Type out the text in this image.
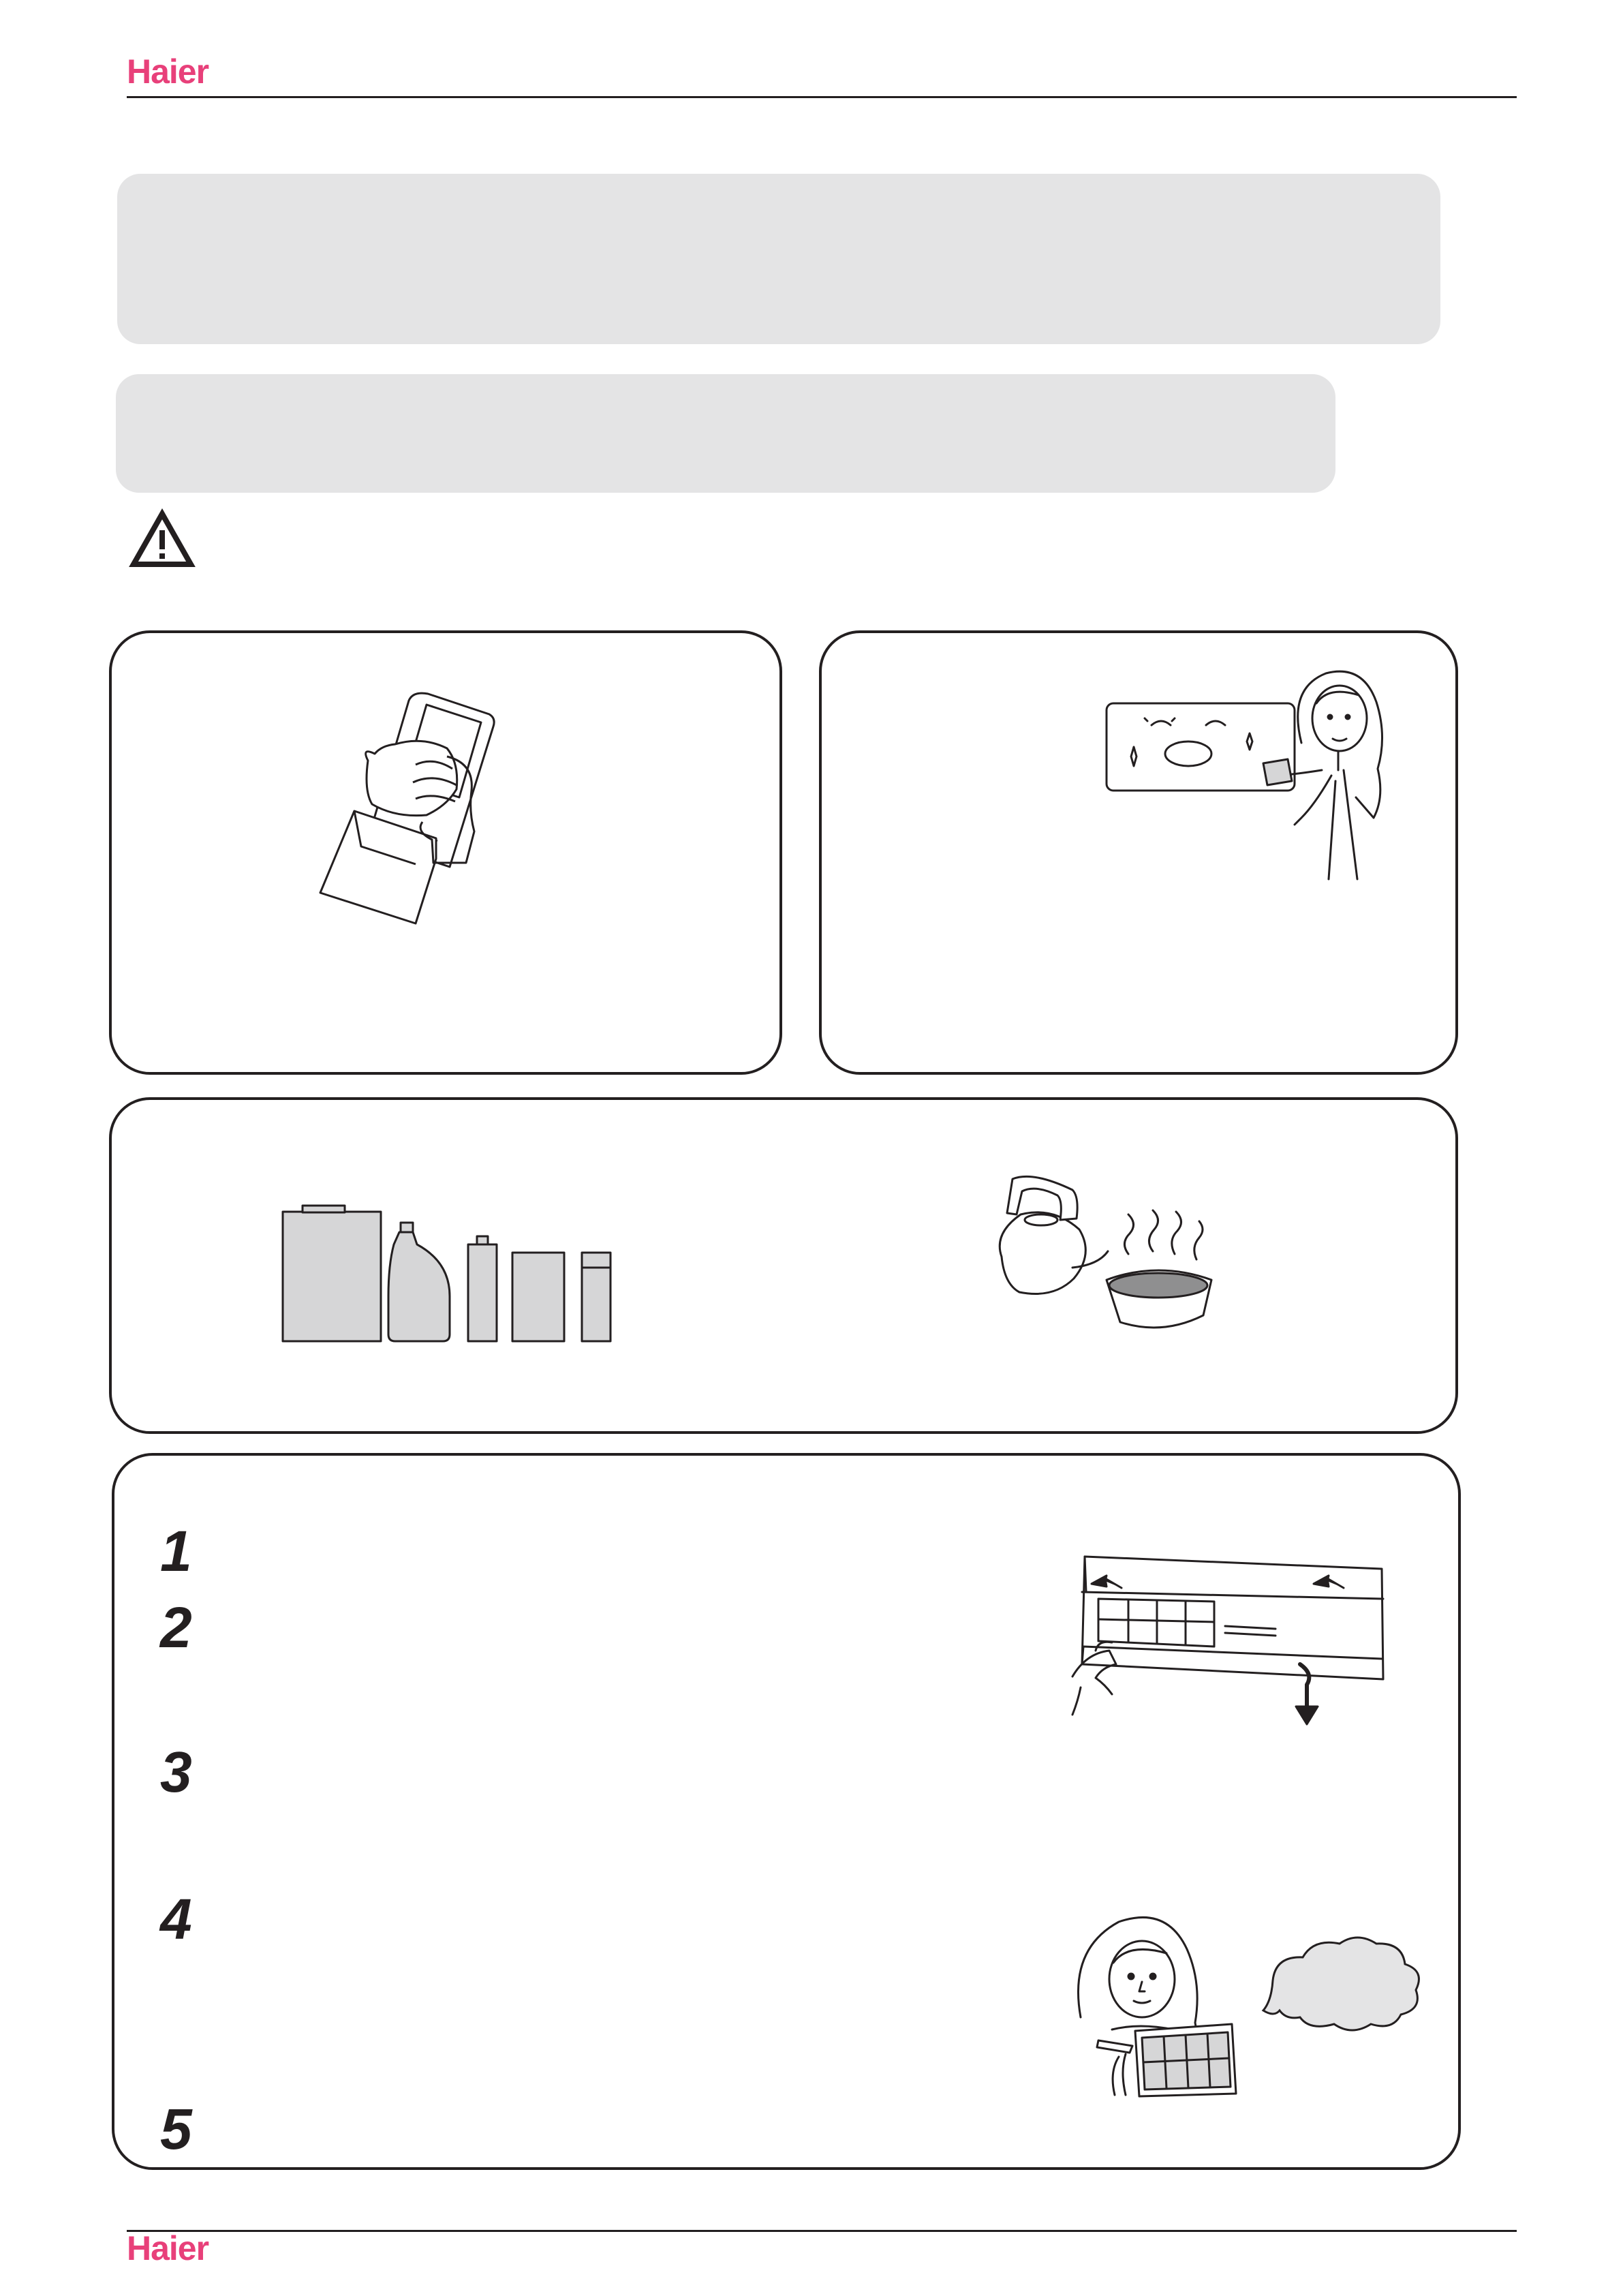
Haier
1
2
3
4
5
Haier
